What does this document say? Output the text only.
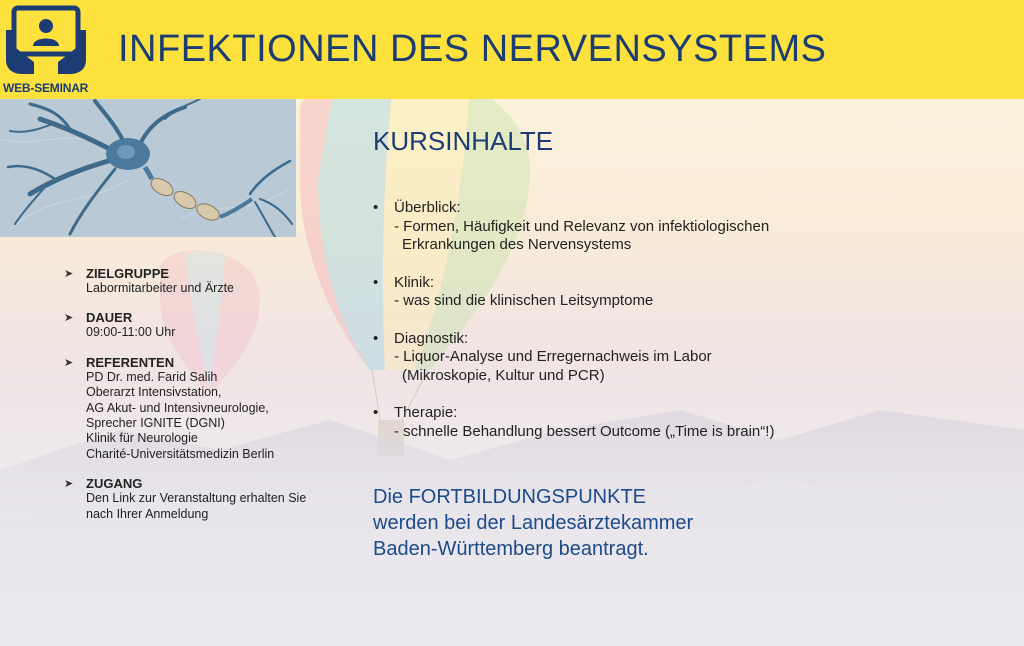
WEB-SEMINAR
INFEKTIONEN DES NERVENSYSTEMS
➤ ZIELGRUPPE
Labormitarbeiter und Ärzte
➤ DAUER
09:00-11:00 Uhr
➤ REFERENTEN
PD Dr. med. Farid Salih
Oberarzt Intensivstation,
AG Akut- und Intensivneurologie,
Sprecher IGNITE (DGNI)
Klinik für Neurologie
Charité-Universitätsmedizin Berlin
➤ ZUGANG
Den Link zur Veranstaltung erhalten Sie
nach Ihrer Anmeldung
KURSINHALTE
• Überblick:
- Formen, Häufigkeit und Relevanz von infektiologischen
Erkrankungen des Nervensystems
• Klinik:
- was sind die klinischen Leitsymptome
• Diagnostik:
- Liquor-Analyse und Erregernachweis im Labor
(Mikroskopie, Kultur und PCR)
• Therapie:
- schnelle Behandlung bessert Outcome („Time is brain“!)
Die FORTBILDUNGSPUNKTE
werden bei der Landesärztekammer
Baden-Württemberg beantragt.
